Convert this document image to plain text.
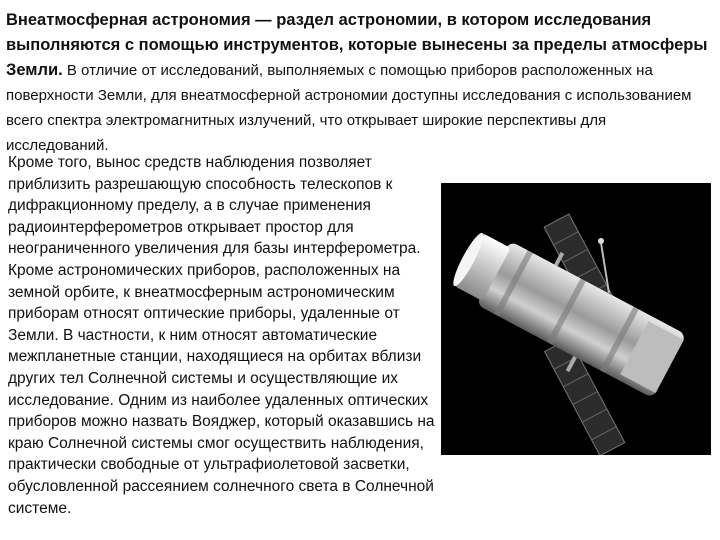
Внеатмосферная астрономия — раздел астрономии, в котором исследования выполняются с помощью инструментов, которые вынесены за пределы атмосферы Земли. В отличие от исследований, выполняемых с помощью приборов расположенных на поверхности Земли, для внеатмосферной астрономии доступны исследования с использованием всего спектра электромагнитных излучений, что открывает широкие перспективы для исследований.

Кроме того, вынос средств наблюдения позволяет приблизить разрешающую способность телескопов к дифракционному пределу, а в случае применения радиоинтерферометров открывает простор для неограниченного увеличения для базы интерферометра. Кроме астрономических приборов, расположенных на земной орбите, к внеатмосферным астрономическим приборам относят оптические приборы, удаленные от Земли. В частности, к ним относят автоматические межпланетные станции, находящиеся на орбитах вблизи других тел Солнечной системы и осуществляющие их исследование. Одним из наиболее удаленных оптических приборов можно назвать Вояджер, который оказавшись на краю Солнечной системы смог осуществить наблюдения, практически свободные от ультрафиолетовой засветки, обусловленной рассеянием солнечного света в Солнечной системе.
